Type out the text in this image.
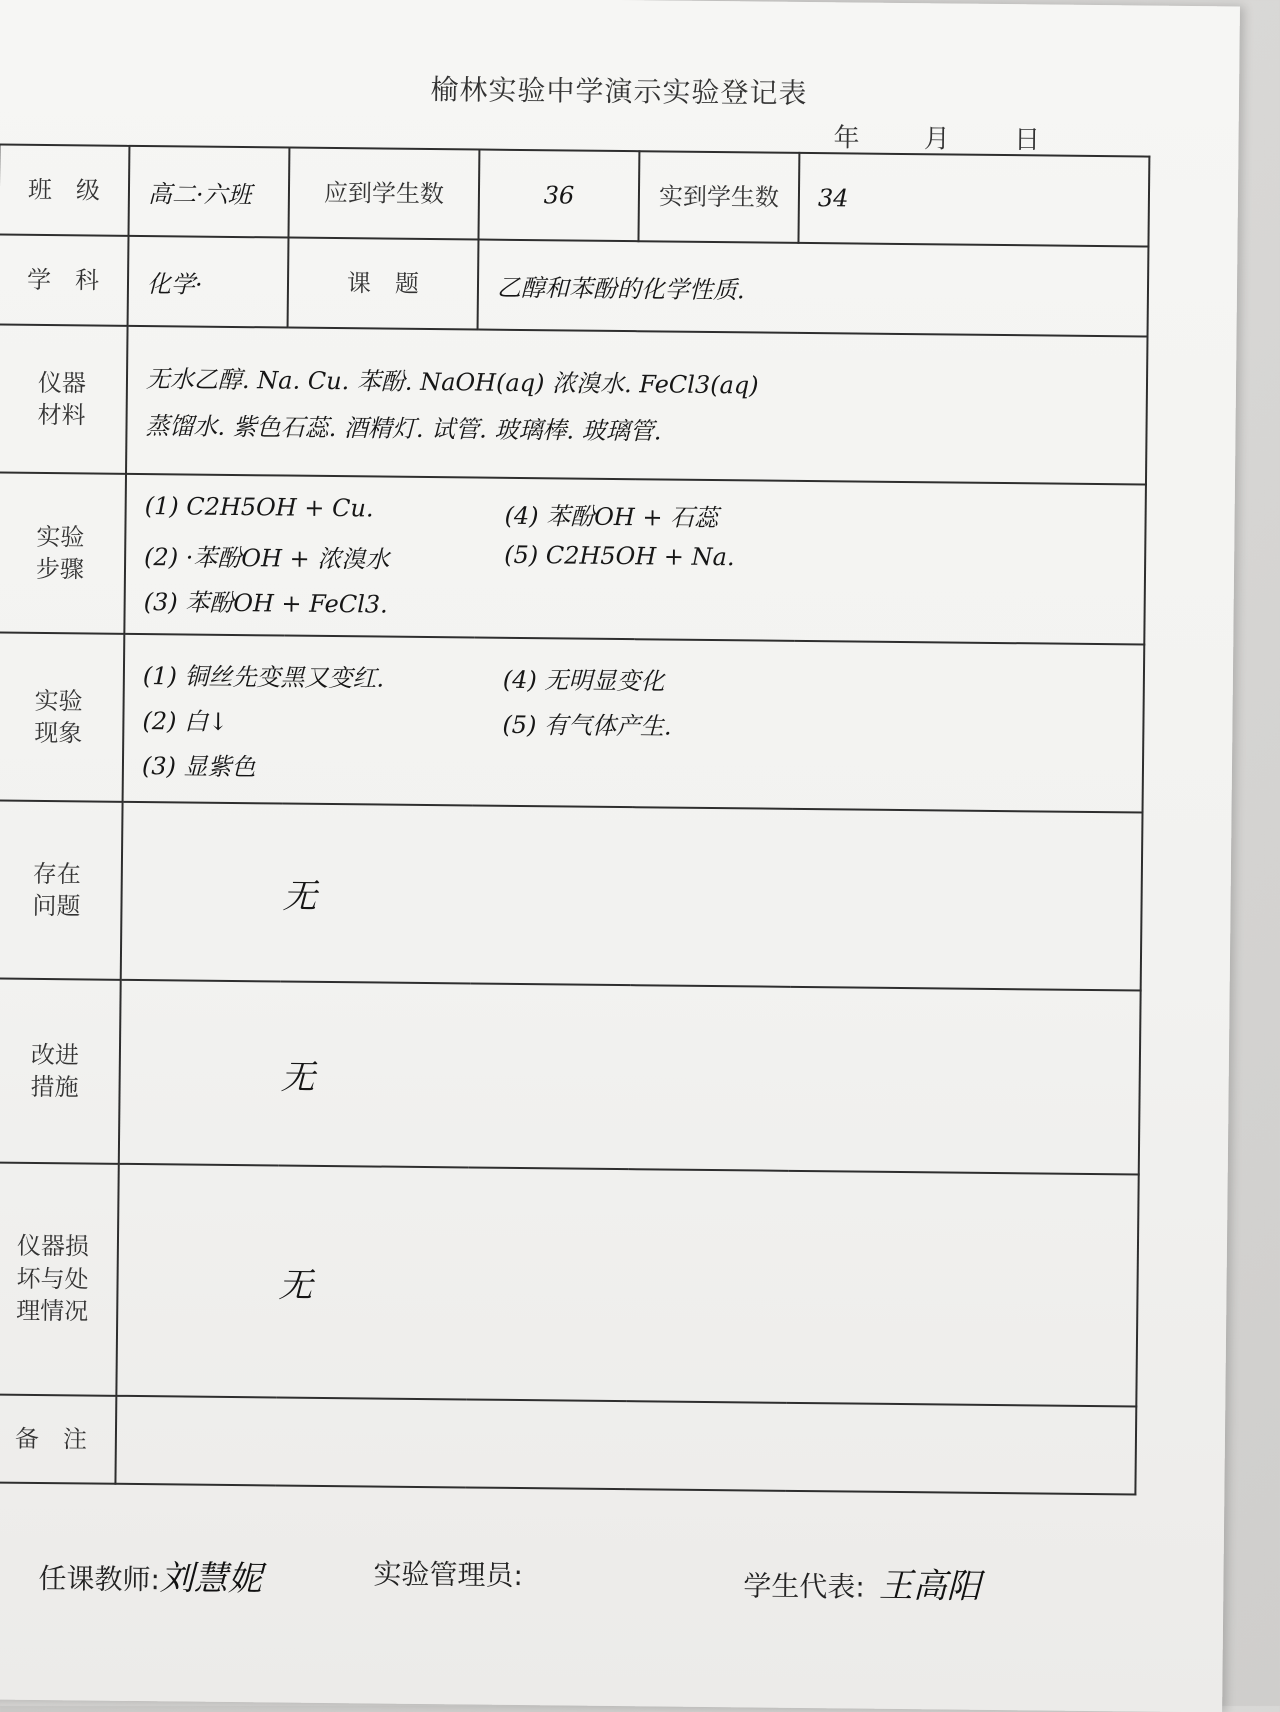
榆林实验中学演示实验登记表
年 月 日
班　级	高二·六班	应到学生数	36	实到学生数	34

学　科	化学·	课　题	乙醇和苯酚的化学性质.		

仪器
材料	无水乙醇. Na. Cu. 苯酚. NaOH(aq) 浓溴水. FeCl3(aq)
蒸馏水. 紫色石蕊. 酒精灯. 试管. 玻璃棒. 玻璃管.				

实验
步骤	(1) C2H5OH + Cu. (4) 苯酚OH + 石蕊
(2) ·苯酚OH + 浓溴水 (5) C2H5OH + Na.
(3) 苯酚OH + FeCl3.				

实验
现象	(1) 铜丝先变黑又变红. (4) 无明显变化
(2) 白↓ (5) 有气体产生.
(3) 显紫色				

存在
问题	无				

改进
措施	无				

仪器损
坏与处
理情况	无				
备　注					
任课教师:刘慧妮	实验管理员:	学生代表: 王高阳
